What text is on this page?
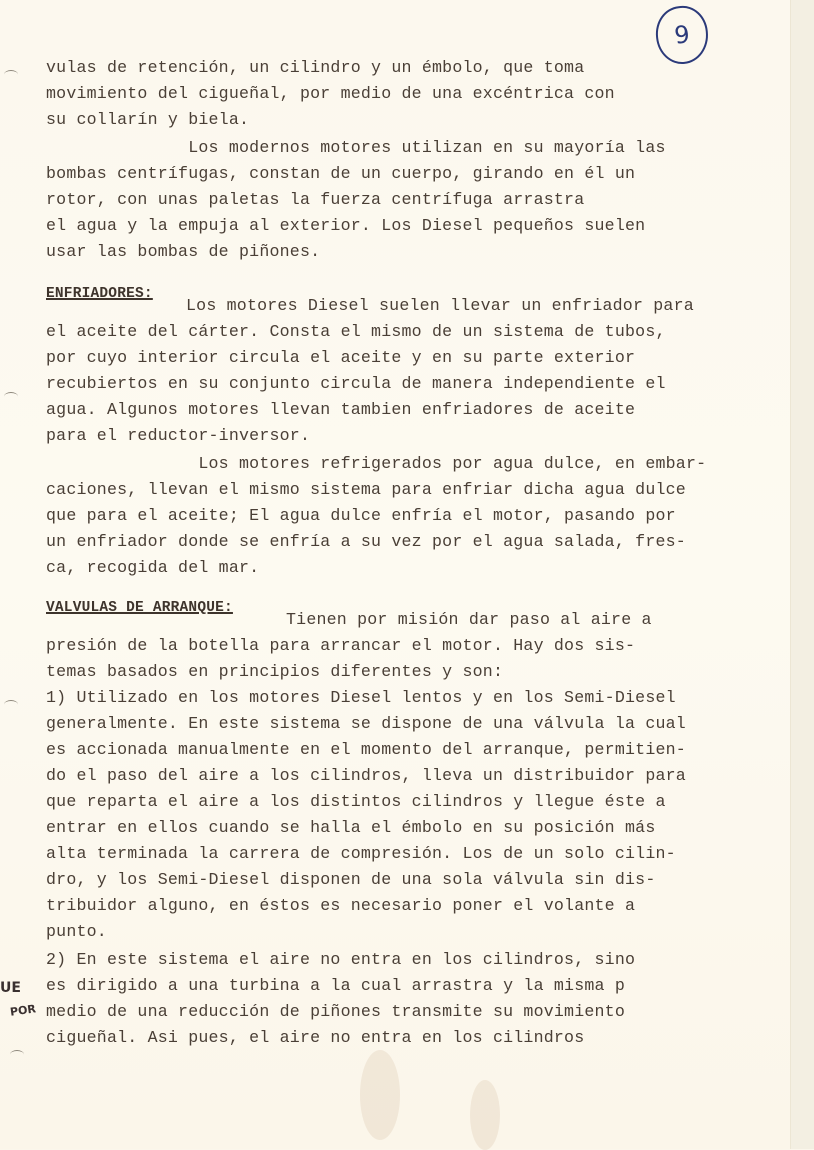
9
vulas de retención, un cilindro y un émbolo, que toma
movimiento del cigueñal, por medio de una excéntrica con
su collarín y biela.
Los modernos motores utilizan en su mayoría las
bombas centrífugas, constan de un cuerpo, girando en él un
rotor, con unas paletas la fuerza centrífuga arrastra
el agua y la empuja al exterior. Los Diesel pequeños suelen
usar las bombas de piñones.
ENFRIADORES:
Los motores Diesel suelen llevar un enfriador para
el aceite del cárter. Consta el mismo de un sistema de tubos,
por cuyo interior circula el aceite y en su parte exterior
recubiertos en su conjunto circula de manera independiente el
agua. Algunos motores llevan tambien enfriadores de aceite
para el reductor-inversor.
Los motores refrigerados por agua dulce, en embar-
caciones, llevan el mismo sistema para enfriar dicha agua dulce
que para el aceite; El agua dulce enfría el motor, pasando por
un enfriador donde se enfría a su vez por el agua salada, fres-
ca, recogida del mar.
VALVULAS DE ARRANQUE:
Tienen por misión dar paso al aire a
presión de la botella para arrancar el motor. Hay dos sis-
temas basados en principios diferentes y son:
1) Utilizado en los motores Diesel lentos y en los Semi-Diesel
generalmente. En este sistema se dispone de una válvula la cual
es accionada manualmente en el momento del arranque, permitien-
do el paso del aire a los cilindros, lleva un distribuidor para
que reparta el aire a los distintos cilindros y llegue éste a
entrar en ellos cuando se halla el émbolo en su posición más
alta terminada la carrera de compresión. Los de un solo cilin-
dro, y los Semi-Diesel disponen de una sola válvula sin dis-
tribuidor alguno, en éstos es necesario poner el volante a
punto.
2) En este sistema el aire no entra en los cilindros, sino
es dirigido a una turbina a la cual arrastra y la misma p
medio de una reducción de piñones transmite su movimiento
cigueñal. Asi pues, el aire no entra en los cilindros
UE
POR
